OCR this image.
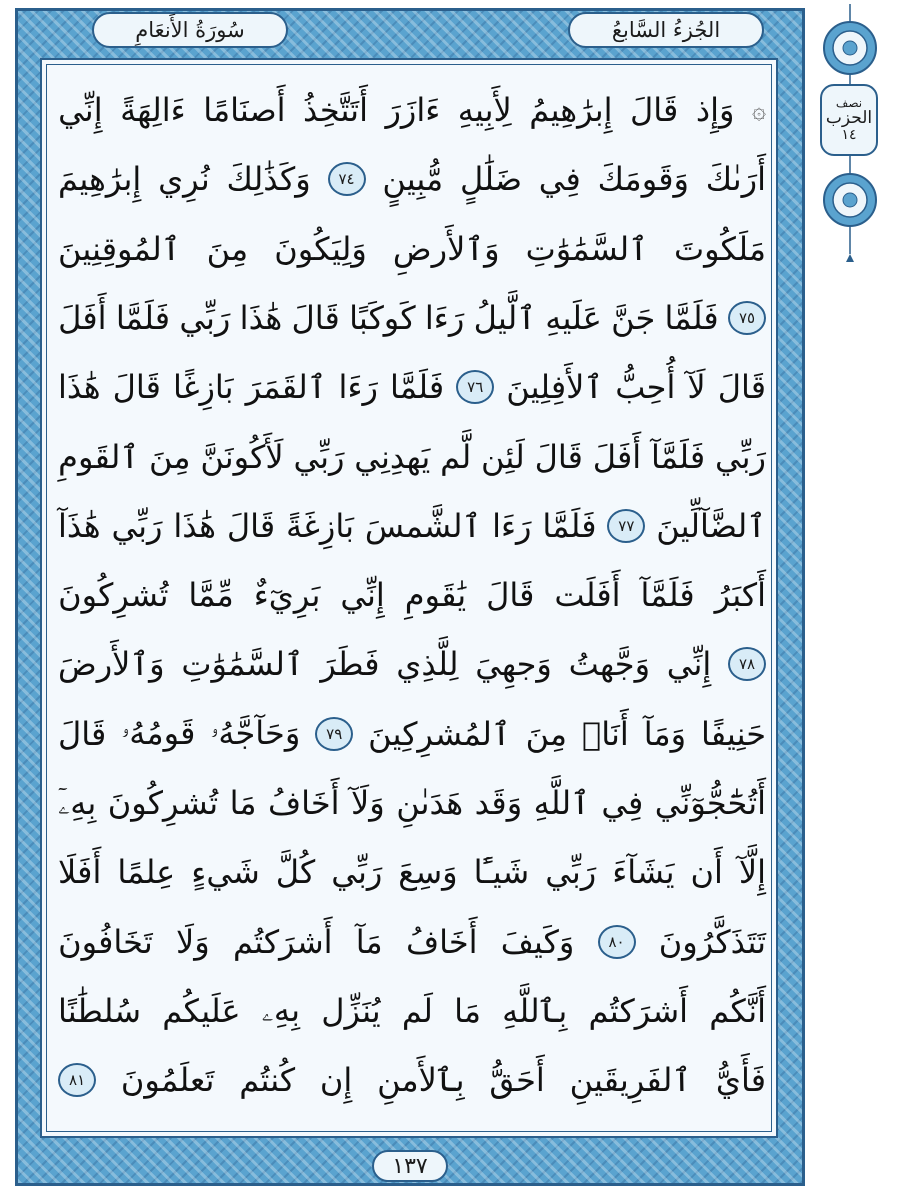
سُورَةُ الأَنعَامِ	الجُزءُ السَّابعُ
نصف
الحزب
١٤
۞
وَإِذ
قَالَ
إِبرَٰهِيمُ
لِأَبِيهِ
ءَازَرَ
أَتَتَّخِذُ
أَصنَامًا
ءَالِهَةً
إِنِّي
أَرَىٰكَ
وَقَومَكَ
فِي
ضَلَٰلٍ
مُّبِينٍ
٧٤
وَكَذَٰلِكَ
نُرِي
إِبرَٰهِيمَ
مَلَكُوتَ
ٱلسَّمَٰوَٰتِ
وَٱلأَرضِ
وَلِيَكُونَ
مِنَ
ٱلمُوقِنِينَ
٧٥
فَلَمَّا
جَنَّ
عَلَيهِ
ٱلَّيلُ
رَءَا
كَوكَبًا
قَالَ
هَٰذَا
رَبِّي
فَلَمَّا
أَفَلَ
قَالَ
لَآ
أُحِبُّ
ٱلأَفِلِينَ
٧٦
فَلَمَّا
رَءَا
ٱلقَمَرَ
بَازِغًا
قَالَ
هَٰذَا
رَبِّي
فَلَمَّآ
أَفَلَ
قَالَ
لَئِن
لَّم
يَهدِنِي
رَبِّي
لَأَكُونَنَّ
مِنَ
ٱلقَومِ
ٱلضَّآلِّينَ
٧٧
فَلَمَّا
رَءَا
ٱلشَّمسَ
بَازِغَةً
قَالَ
هَٰذَا
رَبِّي
هَٰذَآ
أَكبَرُ
فَلَمَّآ
أَفَلَت
قَالَ
يَٰقَومِ
إِنِّي
بَرِيٓءٌ
مِّمَّا
تُشرِكُونَ
٧٨
إِنِّي
وَجَّهتُ
وَجهِيَ
لِلَّذِي
فَطَرَ
ٱلسَّمَٰوَٰتِ
وَٱلأَرضَ
حَنِيفًا
وَمَآ
أَنَا۠
مِنَ
ٱلمُشرِكِينَ
٧٩
وَحَآجَّهُۥ
قَومُهُۥ
قَالَ
أَتُحَٰٓجُّوٓنِّي
فِي
ٱللَّهِ
وَقَد
هَدَىٰنِ
وَلَآ
أَخَافُ
مَا
تُشرِكُونَ
بِهِۦٓ
إِلَّآ
أَن
يَشَآءَ
رَبِّي
شَيـًٔا
وَسِعَ
رَبِّي
كُلَّ
شَيءٍ
عِلمًا
أَفَلَا
تَتَذَكَّرُونَ
٨٠
وَكَيفَ
أَخَافُ
مَآ
أَشرَكتُم
وَلَا
تَخَافُونَ
أَنَّكُم
أَشرَكتُم
بِٱللَّهِ
مَا
لَم
يُنَزِّل
بِهِۦ
عَلَيكُم
سُلطَٰنًا
فَأَيُّ
ٱلفَرِيقَينِ
أَحَقُّ
بِٱلأَمنِ
إِن
كُنتُم
تَعلَمُونَ
٨١
١٣٧
